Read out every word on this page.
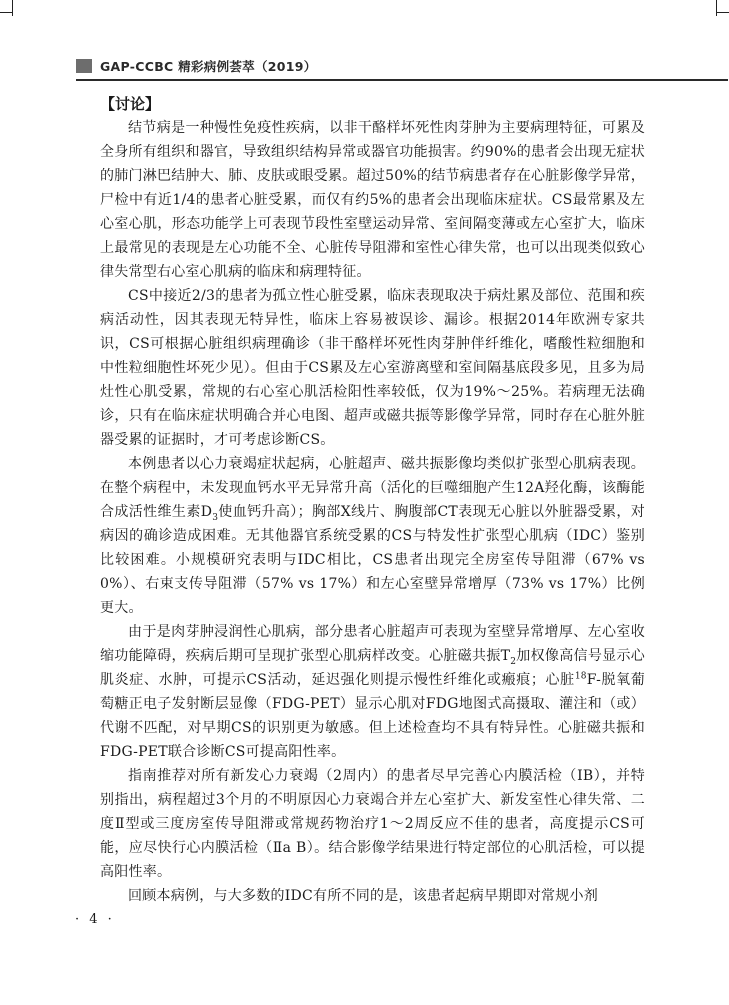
GAP-CCBC 精彩病例荟萃（2019）
【讨论】

结节病是一种慢性免疫性疾病，以非干酪样坏死性肉芽肿为主要病理特征，可累及全身所有组织和器官，导致组织结构异常或器官功能损害。约90%的患者会出现无症状的肺门淋巴结肿大、肺、皮肤或眼受累。超过50%的结节病患者存在心脏影像学异常，尸检中有近1/4的患者心脏受累，而仅有约5%的患者会出现临床症状。CS最常累及左心室心肌，形态功能学上可表现节段性室壁运动异常、室间隔变薄或左心室扩大，临床上最常见的表现是左心功能不全、心脏传导阻滞和室性心律失常，也可以出现类似致心律失常型右心室心肌病的临床和病理特征。

CS中接近2/3的患者为孤立性心脏受累，临床表现取决于病灶累及部位、范围和疾病活动性，因其表现无特异性，临床上容易被误诊、漏诊。根据2014年欧洲专家共识，CS可根据心脏组织病理确诊（非干酪样坏死性肉芽肿伴纤维化，嗜酸性粒细胞和中性粒细胞性坏死少见）。但由于CS累及左心室游离壁和室间隔基底段多见，且多为局灶性心肌受累，常规的右心室心肌活检阳性率较低，仅为19%～25%。若病理无法确诊，只有在临床症状明确合并心电图、超声或磁共振等影像学异常，同时存在心脏外脏器受累的证据时，才可考虑诊断CS。

本例患者以心力衰竭症状起病，心脏超声、磁共振影像均类似扩张型心肌病表现。在整个病程中，未发现血钙水平无异常升高（活化的巨噬细胞产生12A羟化酶，该酶能合成活性维生素$D_3$使血钙升高）；胸部X线片、胸腹部CT表现无心脏以外脏器受累，对病因的确诊造成困难。无其他器官系统受累的CS与特发性扩张型心肌病（IDC）鉴别比较困难。小规模研究表明与IDC相比，CS患者出现完全房室传导阻滞（67% vs 0%）、右束支传导阻滞（57% vs 17%）和左心室壁异常增厚（73% vs 17%）比例更大。

由于是肉芽肿浸润性心肌病，部分患者心脏超声可表现为室壁异常增厚、左心室收缩功能障碍，疾病后期可呈现扩张型心肌病样改变。心脏磁共振$T_2$加权像高信号显示心肌炎症、水肿，可提示CS活动，延迟强化则提示慢性纤维化或瘢痕；心脏$^{18}$F-脱氧葡萄糖正电子发射断层显像（FDG-PET）显示心肌对FDG地图式高摄取、灌注和（或）代谢不匹配，对早期CS的识别更为敏感。但上述检查均不具有特异性。心脏磁共振和FDG-PET联合诊断CS可提高阳性率。

指南推荐对所有新发心力衰竭（2周内）的患者尽早完善心内膜活检（IB），并特别指出，病程超过3个月的不明原因心力衰竭合并左心室扩大、新发室性心律失常、二度Ⅱ型或三度房室传导阻滞或常规药物治疗1～2周反应不佳的患者，高度提示CS可能，应尽快行心内膜活检（Ⅱa B）。结合影像学结果进行特定部位的心肌活检，可以提高阳性率。

回顾本病例，与大多数的IDC有所不同的是，该患者起病早期即对常规小剂

· 4 ·
